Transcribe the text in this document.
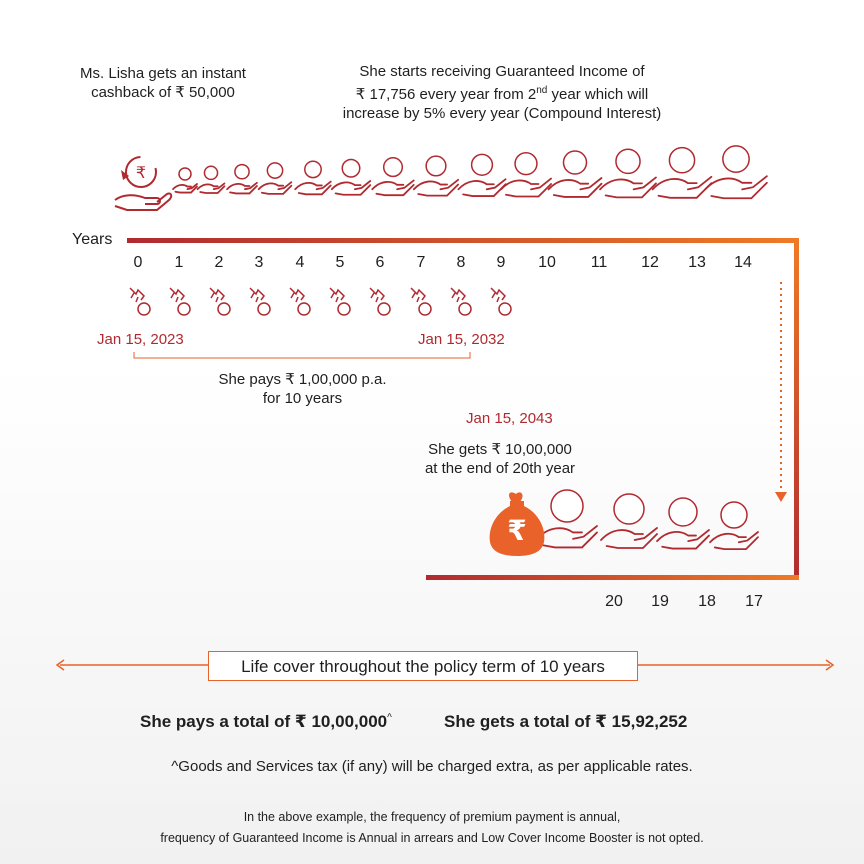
₹
₹
Ms. Lisha gets an instant
cashback of ₹ 50,000
She starts receiving Guaranteed Income of
₹ 17,756 every year from 2nd year which will
increase by 5% every year (Compound Interest)
Years
0	1	2	3	4	5	6	7	8	9	10	11	12	13	14
20	19	18	17
Jan 15, 2023	Jan 15, 2032
She pays ₹ 1,00,000 p.a.
for 10 years
Jan 15, 2043
She gets ₹ 10,00,000
at the end of 20th year
Life cover throughout the policy term of 10 years
She pays a total of ₹ 10,00,000^	She gets a total of ₹ 15,92,252
^Goods and Services tax (if any) will be charged extra, as per applicable rates.
In the above example, the frequency of premium payment is annual,
frequency of Guaranteed Income is Annual in arrears and Low Cover Income Booster is not opted.
